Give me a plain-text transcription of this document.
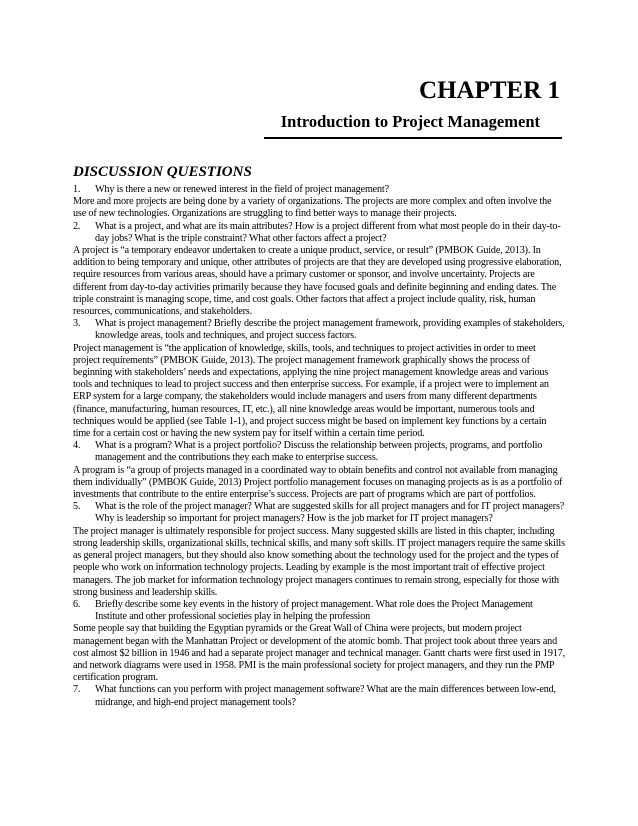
CHAPTER 1
Introduction to Project Management
DISCUSSION QUESTIONS
1. Why is there a new or renewed interest in the field of project management?

More and more projects are being done by a variety of organizations. The projects are more complex and often involve the use of new technologies. Organizations are struggling to find better ways to manage their projects.

2. What is a project, and what are its main attributes? How is a project different from what most people do in their day-to-day jobs? What is the triple constraint? What other factors affect a project?

A project is “a temporary endeavor undertaken to create a unique product, service, or result” (PMBOK Guide, 2013). In addition to being temporary and unique, other attributes of projects are that they are developed using progressive elaboration, require resources from various areas, should have a primary customer or sponsor, and involve uncertainty. Projects are different from day-to-day activities primarily because they have focused goals and definite beginning and ending dates. The triple constraint is managing scope, time, and cost goals. Other factors that affect a project include quality, risk, human resources, communications, and stakeholders.

3. What is project management? Briefly describe the project management framework, providing examples of stakeholders, knowledge areas, tools and techniques, and project success factors.

Project management is “the application of knowledge, skills, tools, and techniques to project activities in order to meet project requirements” (PMBOK Guide, 2013). The project management framework graphically shows the process of beginning with stakeholders’ needs and expectations, applying the nine project management knowledge areas and various tools and techniques to lead to project success and then enterprise success. For example, if a project were to implement an ERP system for a large company, the stakeholders would include managers and users from many different departments (finance, manufacturing, human resources, IT, etc.), all nine knowledge areas would be important, numerous tools and techniques would be applied (see Table 1-1), and project success might be based on implement key functions by a certain time for a certain cost or having the new system pay for itself within a certain time period.

4. What is a program? What is a project portfolio? Discuss the relationship between projects, programs, and portfolio management and the contributions they each make to enterprise success.

A program is “a group of projects managed in a coordinated way to obtain benefits and control not available from managing them individually” (PMBOK Guide, 2013) Project portfolio management focuses on managing projects as is as a portfolio of investments that contribute to the entire enterprise’s success. Projects are part of programs which are part of portfolios.

5. What is the role of the project manager? What are suggested skills for all project managers and for IT project managers? Why is leadership so important for project managers? How is the job market for IT project managers?

The project manager is ultimately responsible for project success. Many suggested skills are listed in this chapter, including strong leadership skills, organizational skills, technical skills, and many soft skills. IT project managers require the same skills as general project managers, but they should also know something about the technology used for the project and the types of people who work on information technology projects. Leading by example is the most important trait of effective project managers. The job market for information technology project managers continues to remain strong, especially for those with strong business and leadership skills.

6. Briefly describe some key events in the history of project management. What role does the Project Management Institute and other professional societies play in helping the profession

Some people say that building the Egyptian pyramids or the Great Wall of China were projects, but modern project management began with the Manhattan Project or development of the atomic bomb. That project took about three years and cost almost $2 billion in 1946 and had a separate project manager and technical manager. Gantt charts were first used in 1917, and network diagrams were used in 1958. PMI is the main professional society for project managers, and they run the PMP certification program.

7. What functions can you perform with project management software? What are the main differences between low-end, midrange, and high-end project management tools?
